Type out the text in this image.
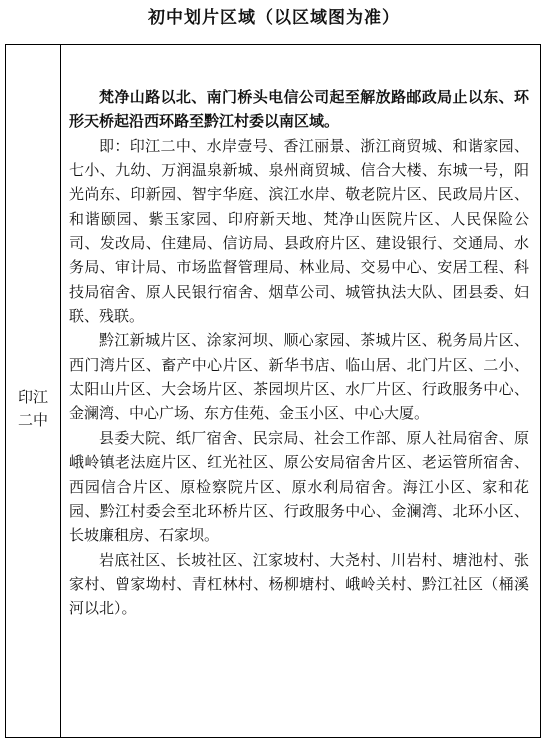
初中划片区域（以区域图为准）
印江二中

梵净山路以北、南门桥头电信公司起至解放路邮政局止以东、环形天桥起沿西环路至黔江村委以南区域。

即：印江二中、水岸壹号、香江丽景、浙江商贸城、和谐家园、七小、九幼、万润温泉新城、泉州商贸城、信合大楼、东城一号，阳光尚东、印新园、智宇华庭、滨江水岸、敬老院片区、民政局片区、和谐颐园、紫玉家园、印府新天地、梵净山医院片区、人民保险公司、发改局、住建局、信访局、县政府片区、建设银行、交通局、水务局、审计局、市场监督管理局、林业局、交易中心、安居工程、科技局宿舍、原人民银行宿舍、烟草公司、城管执法大队、团县委、妇联、残联。

黔江新城片区、涂家河坝、顺心家园、茶城片区、税务局片区、西门湾片区、畜产中心片区、新华书店、临山居、北门片区、二小、太阳山片区、大会场片区、茶园坝片区、水厂片区、行政服务中心、金澜湾、中心广场、东方佳苑、金玉小区、中心大厦。

县委大院、纸厂宿舍、民宗局、社会工作部、原人社局宿舍、原峨岭镇老法庭片区、红光社区、原公安局宿舍片区、老运管所宿舍、西园信合片区、原检察院片区、原水利局宿舍。海江小区、家和花园、黔江村委会至北环桥片区、行政服务中心、金澜湾、北环小区、长坡廉租房、石家坝。

岩底社区、长坡社区、江家坡村、大尧村、川岩村、塘池村、张家村、曾家坳村、青杠林村、杨柳塘村、峨岭关村、黔江社区（桶溪河以北）。
